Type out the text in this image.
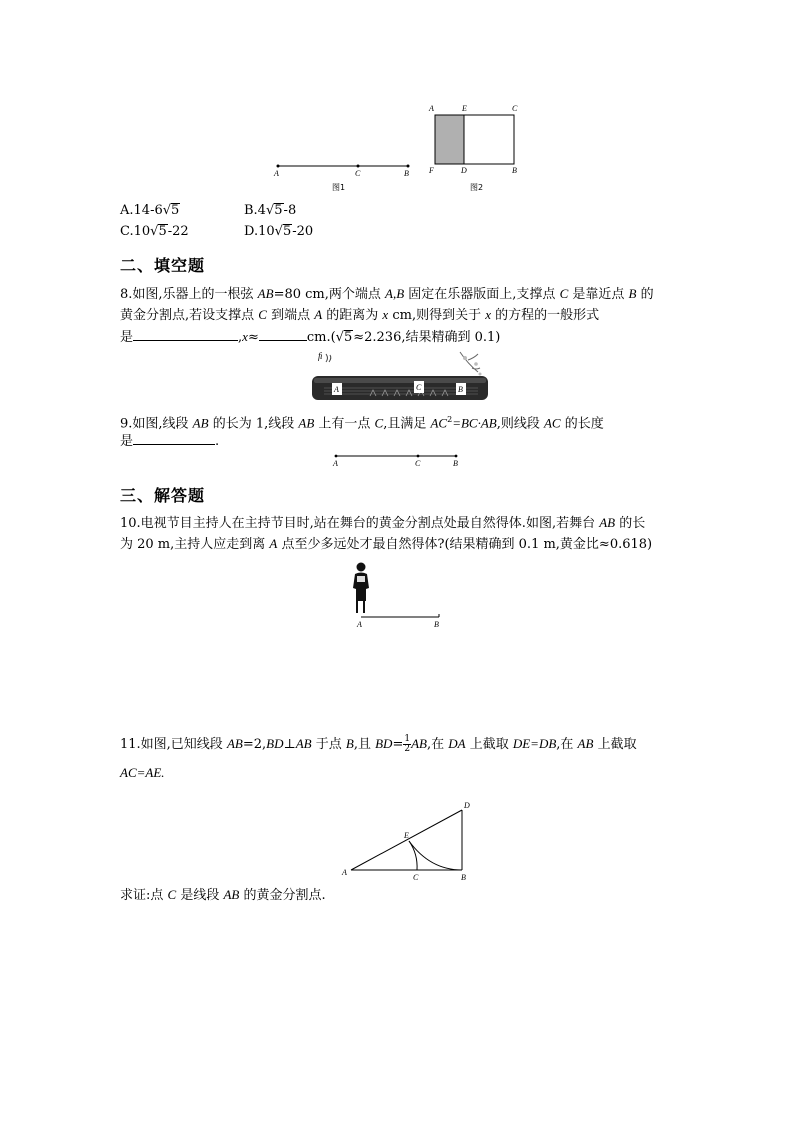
A	C	B
图1
A	E	C
F	D	B
图2
A.14-6√5	B.4√5-8
C.10√5-22	D.10√5-20
二、填空题
8.如图,乐器上的一根弦 AB=80 cm,两个端点 A,B 固定在乐器版面上,支撑点 C 是靠近点 B 的
黄金分割点,若设支撑点 C 到端点 A 的距离为 x cm,则得到关于 x 的方程的一般形式
是	,x≈	cm.(√5≈2.236,结果精确到 0.1)
ﬁ
A	C	B
9.如图,线段 AB 的长为 1,线段 AB 上有一点 C,且满足 $AC^2=BC\cdot AB$,则线段 AC 的长度
是	.
A	C	B
三、解答题
10.电视节目主持人在主持节目时,站在舞台的黄金分割点处最自然得体.如图,若舞台 AB 的长
为 20 m,主持人应走到离 A 点至少多远处才最自然得体?(结果精确到 0.1 m,黄金比≈0.618)
A	B
11.如图,已知线段 AB=2,BD⊥AB 于点 B,且 $BD= \frac{1}{2}$ AB,在 DA 上截取 DE=DB,在 AB 上截取
AC=AE.
D
E
A
C	B
求证:点 C 是线段 AB 的黄金分割点.
